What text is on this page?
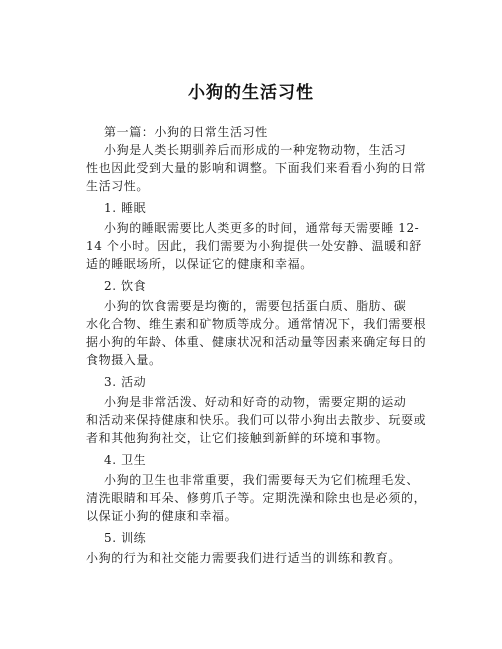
小狗的生活习性
第一篇：小狗的日常生活习性
小狗是人类长期驯养后而形成的一种宠物动物，生活习
性也因此受到大量的影响和调整。下面我们来看看小狗的日常
生活习性。
1. 睡眠
小狗的睡眠需要比人类更多的时间，通常每天需要睡 12-
14 个小时。因此，我们需要为小狗提供一处安静、温暖和舒
适的睡眠场所，以保证它的健康和幸福。
2. 饮食
小狗的饮食需要是均衡的，需要包括蛋白质、脂肪、碳
水化合物、维生素和矿物质等成分。通常情况下，我们需要根
据小狗的年龄、体重、健康状况和活动量等因素来确定每日的
食物摄入量。
3. 活动
小狗是非常活泼、好动和好奇的动物，需要定期的运动
和活动来保持健康和快乐。我们可以带小狗出去散步、玩耍或
者和其他狗狗社交，让它们接触到新鲜的环境和事物。
4. 卫生
小狗的卫生也非常重要，我们需要每天为它们梳理毛发、
清洗眼睛和耳朵、修剪爪子等。定期洗澡和除虫也是必须的，
以保证小狗的健康和幸福。
5. 训练
小狗的行为和社交能力需要我们进行适当的训练和教育。
